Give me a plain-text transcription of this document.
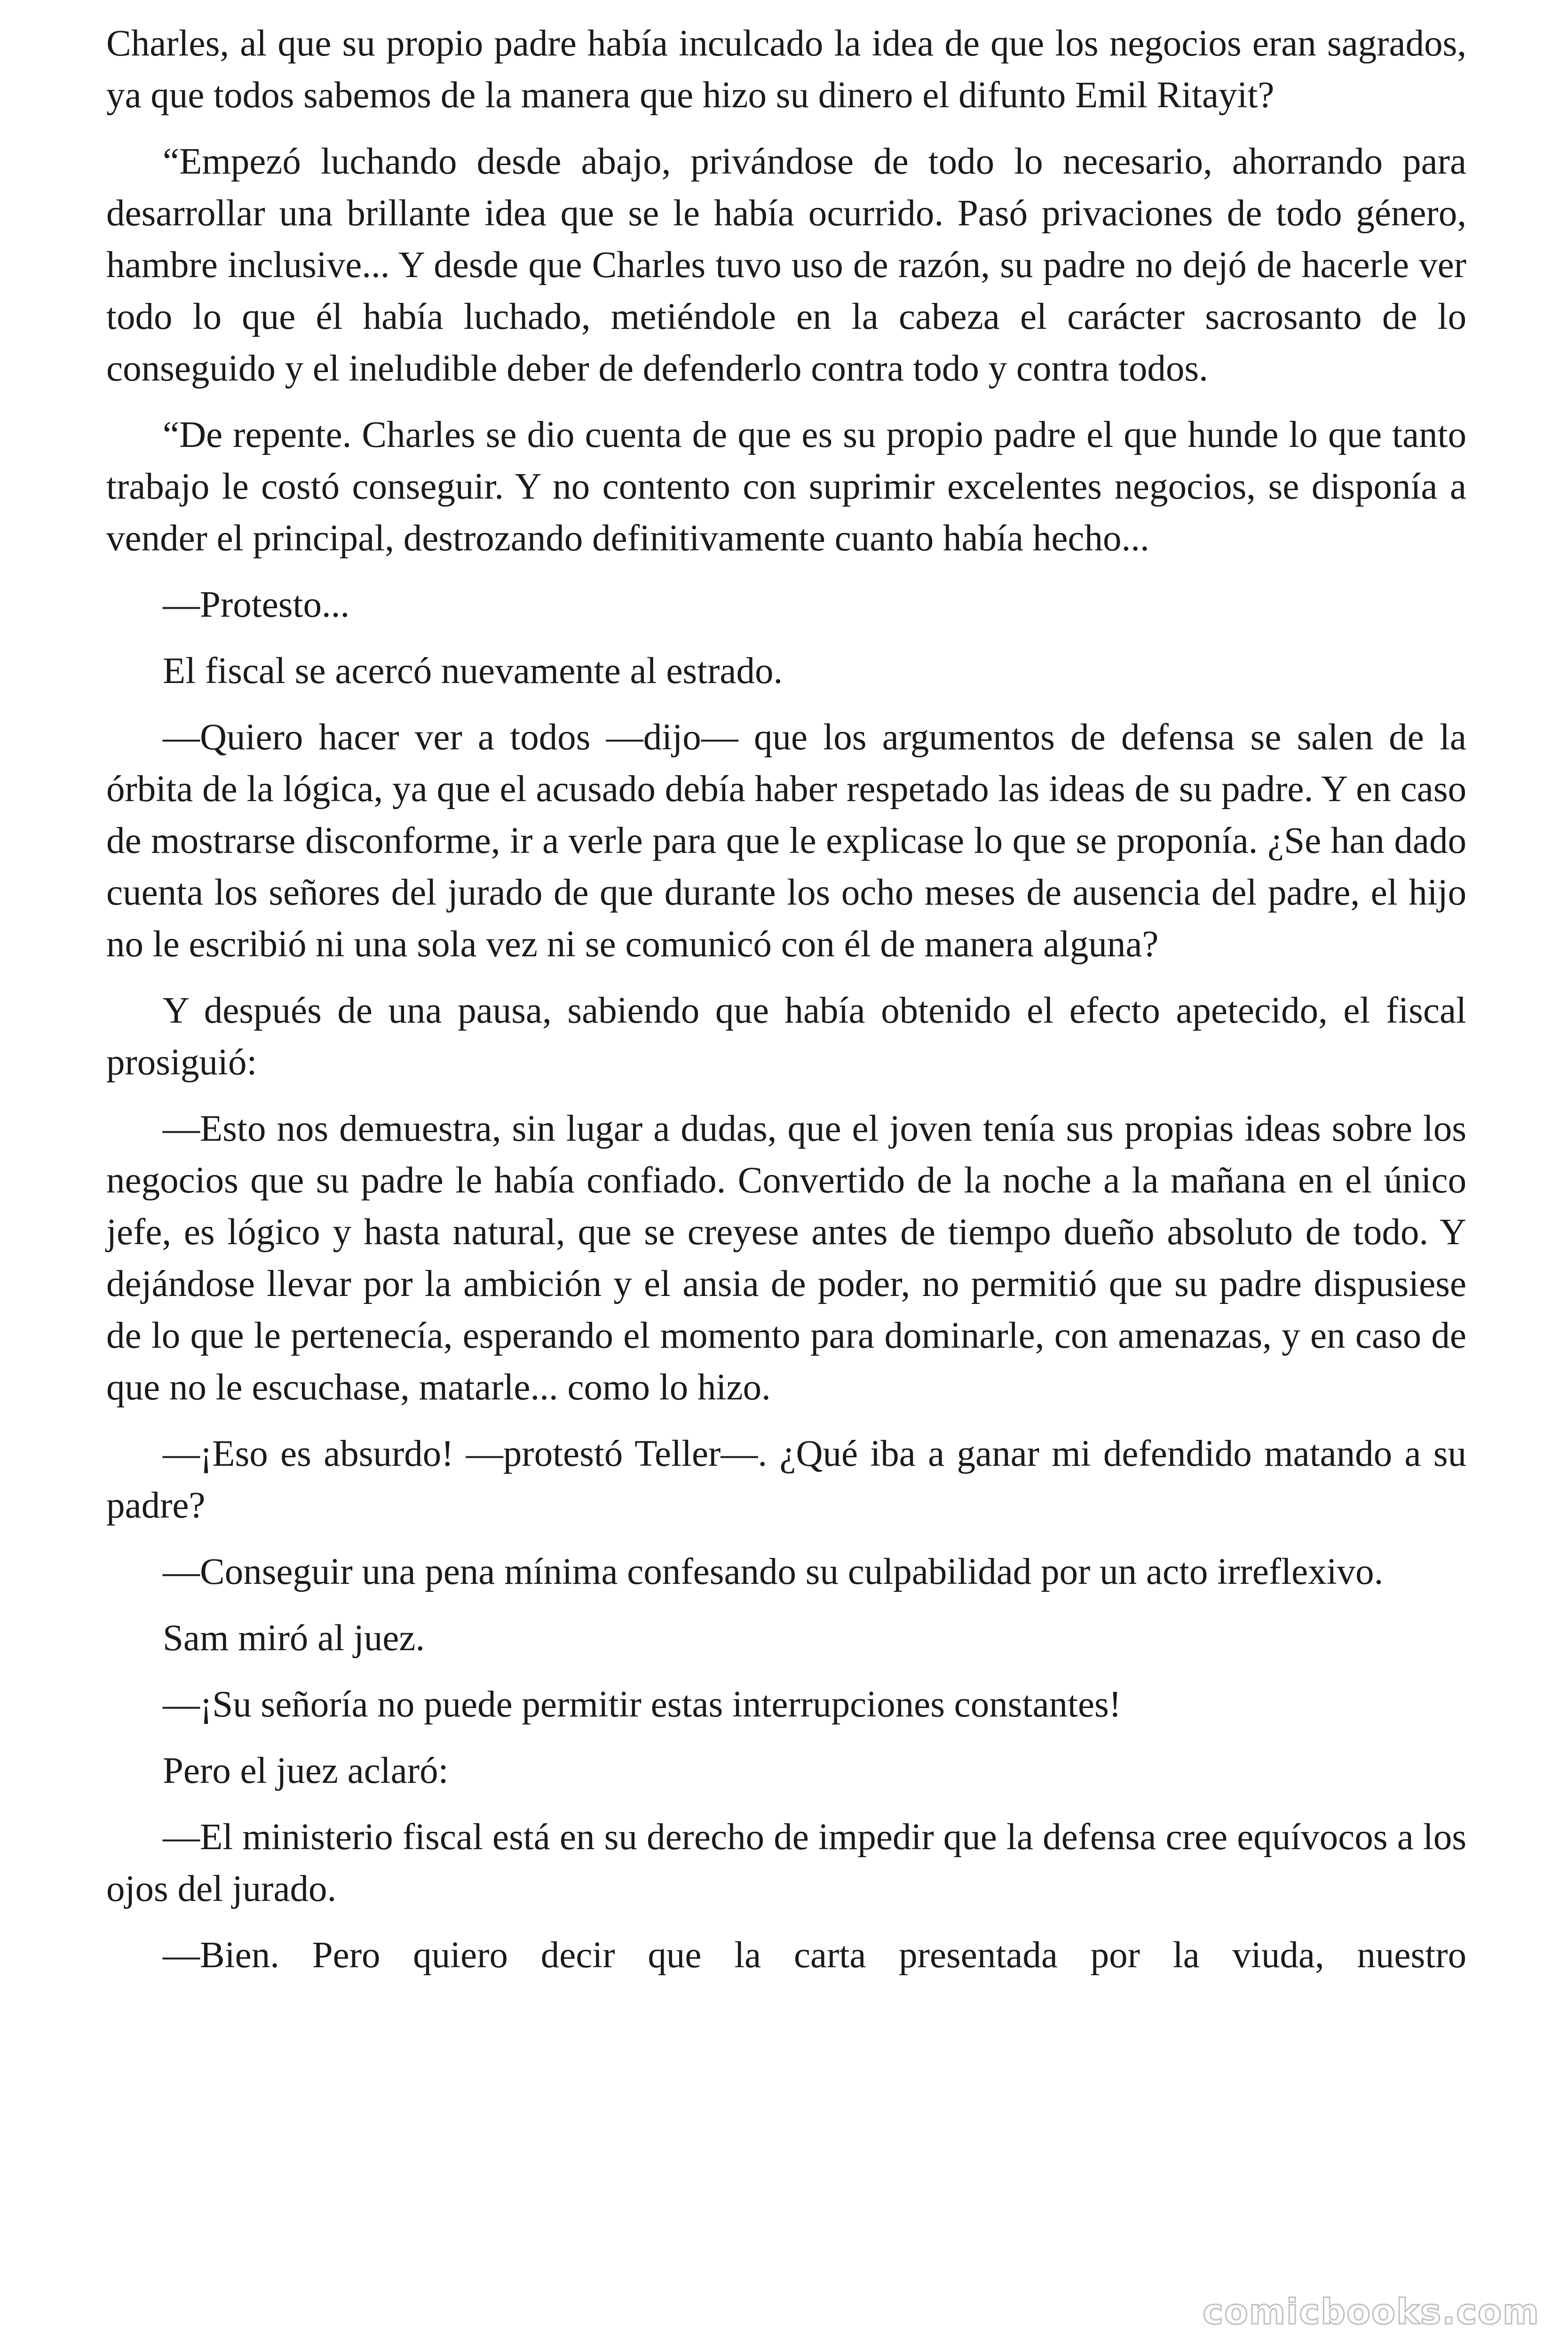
Charles, al que su propio padre había inculcado la idea de que los negocios eran sagrados, ya que todos sabemos de la manera que hizo su dinero el difunto Emil Ritayit?

“Empezó luchando desde abajo, privándose de todo lo necesario, ahorrando para desarrollar una brillante idea que se le había ocurrido. Pasó privaciones de todo género, hambre inclusive... Y desde que Charles tuvo uso de razón, su padre no dejó de hacerle ver todo lo que él había luchado, metiéndole en la cabeza el carácter sacrosanto de lo conseguido y el ineludible deber de defenderlo contra todo y contra todos.

“De repente. Charles se dio cuenta de que es su propio padre el que hunde lo que tanto trabajo le costó conseguir. Y no contento con suprimir excelentes negocios, se disponía a vender el principal, destrozando definitivamente cuanto había hecho...

—Protesto...

El fiscal se acercó nuevamente al estrado.

—Quiero hacer ver a todos —dijo— que los argumentos de defensa se salen de la órbita de la lógica, ya que el acusado debía haber respetado las ideas de su padre. Y en caso de mostrarse disconforme, ir a verle para que le explicase lo que se proponía. ¿Se han dado cuenta los señores del jurado de que durante los ocho meses de ausencia del padre, el hijo no le escribió ni una sola vez ni se comunicó con él de manera alguna?

Y después de una pausa, sabiendo que había obtenido el efecto apetecido, el fiscal prosiguió:

—Esto nos demuestra, sin lugar a dudas, que el joven tenía sus propias ideas sobre los negocios que su padre le había confiado. Convertido de la noche a la mañana en el único jefe, es lógico y hasta natural, que se creyese antes de tiempo dueño absoluto de todo. Y dejándose llevar por la ambición y el ansia de poder, no permitió que su padre dispusiese de lo que le pertenecía, esperando el momento para dominarle, con amenazas, y en caso de que no le escuchase, matarle... como lo hizo.

—¡Eso es absurdo! —protestó Teller—. ¿Qué iba a ganar mi defendido matando a su padre?

—Conseguir una pena mínima confesando su culpabilidad por un acto irreflexivo.

Sam miró al juez.

—¡Su señoría no puede permitir estas interrupciones constantes!

Pero el juez aclaró:

—El ministerio fiscal está en su derecho de impedir que la defensa cree equívocos a los ojos del jurado.

—Bien. Pero quiero decir que la carta presentada por la viuda, nuestro

comicbooks.com
